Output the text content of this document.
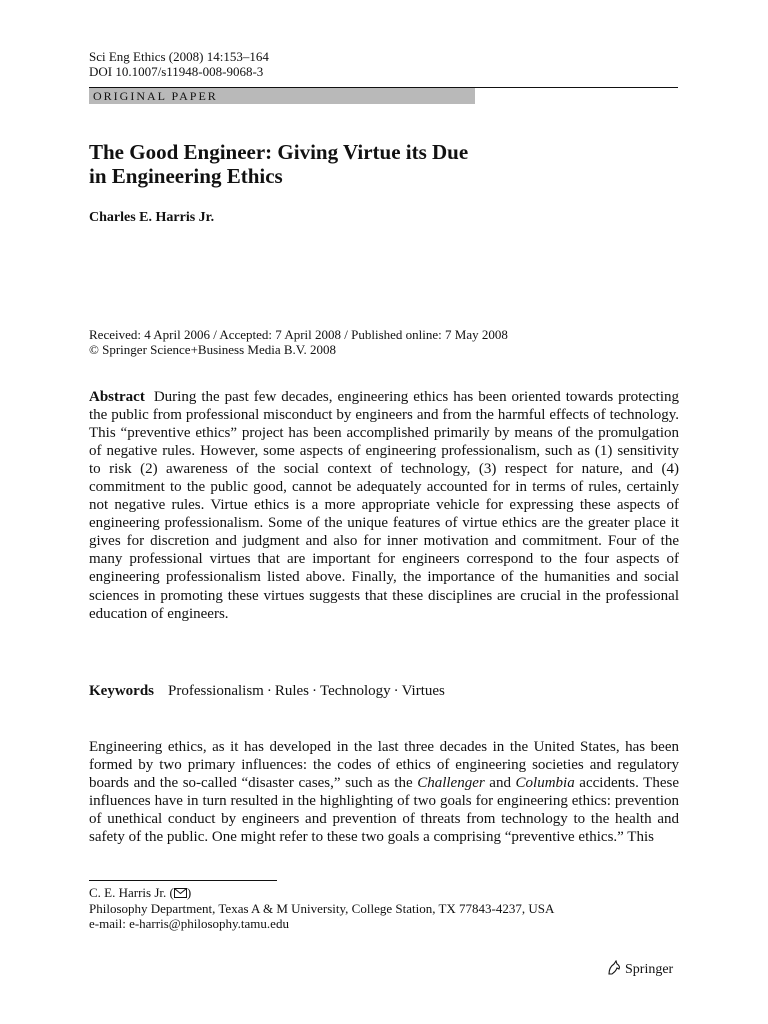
Sci Eng Ethics (2008) 14:153–164
DOI 10.1007/s11948-008-9068-3
ORIGINAL PAPER
The Good Engineer: Giving Virtue its Due
in Engineering Ethics
Charles E. Harris Jr.
Received: 4 April 2006 / Accepted: 7 April 2008 / Published online: 7 May 2008
© Springer Science+Business Media B.V. 2008

Abstract During the past few decades, engineering ethics has been oriented towards protecting the public from professional misconduct by engineers and from the harmful effects of technology. This “preventive ethics” project has been accomplished primarily by means of the promulgation of negative rules. However, some aspects of engineering professionalism, such as (1) sensitivity to risk (2) awareness of the social context of technology, (3) respect for nature, and (4) commitment to the public good, cannot be adequately accounted for in terms of rules, certainly not negative rules. Virtue ethics is a more appropriate vehicle for expressing these aspects of engineering professionalism. Some of the unique features of virtue ethics are the greater place it gives for discretion and judgment and also for inner motivation and commitment. Four of the many professional virtues that are important for engineers correspond to the four aspects of engineering professionalism listed above. Finally, the importance of the humanities and social sciences in promoting these virtues suggests that these disciplines are crucial in the professional education of engineers.

Keywords Professionalism · Rules · Technology · Virtues

Engineering ethics, as it has developed in the last three decades in the United States, has been formed by two primary influences: the codes of ethics of engineering societies and regulatory boards and the so-called “disaster cases,” such as the Challenger and Columbia accidents. These influences have in turn resulted in the highlighting of two goals for engineering ethics: prevention of unethical conduct by engineers and prevention of threats from technology to the health and safety of the public. One might refer to these two goals a comprising “preventive ethics.” This

C. E. Harris Jr. ( )
Philosophy Department, Texas A & M University, College Station, TX 77843-4237, USA
e-mail: e-harris@philosophy.tamu.edu
Springer
